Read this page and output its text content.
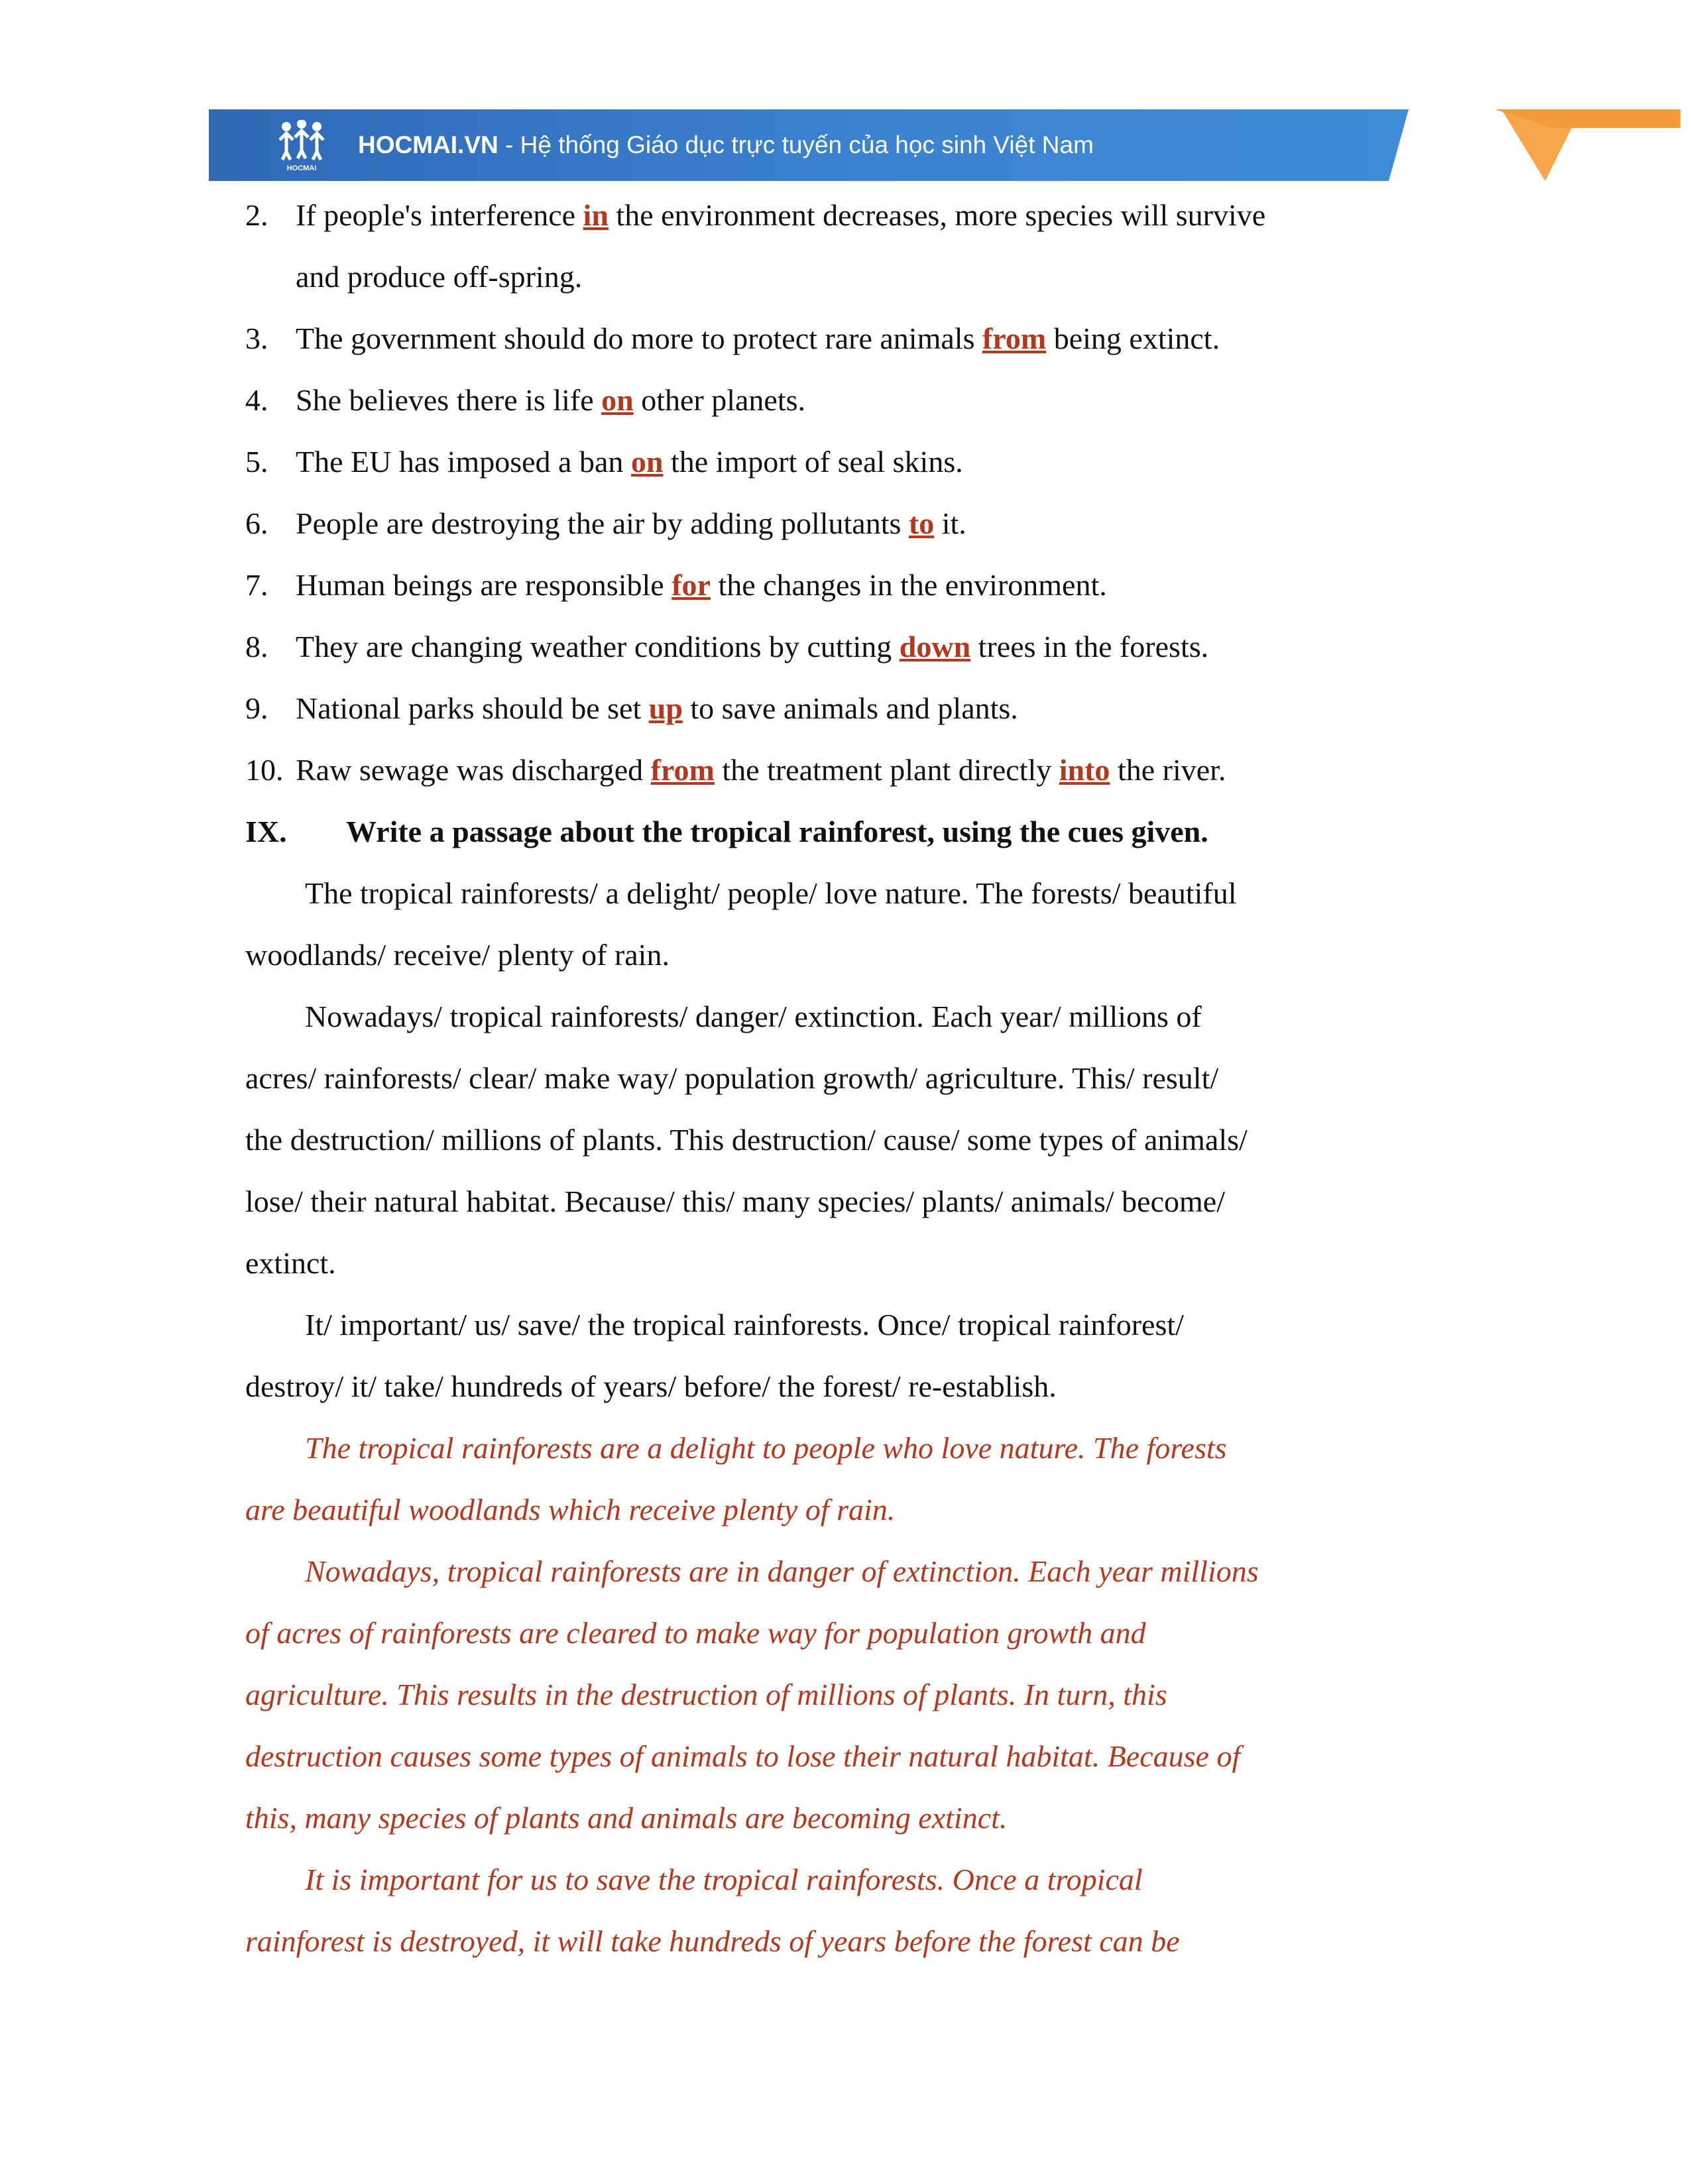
HOCMAI
HOCMAI.VN - Hệ thống Giáo dục trực tuyến của học sinh Việt Nam
2. If people's interference in the environment decreases, more species will survive
and produce off-spring.
3. The government should do more to protect rare animals from being extinct.
4. She believes there is life on other planets.
5. The EU has imposed a ban on the import of seal skins.
6. People are destroying the air by adding pollutants to it.
7. Human beings are responsible for the changes in the environment.
8. They are changing weather conditions by cutting down trees in the forests.
9. National parks should be set up to save animals and plants.
10. Raw sewage was discharged from the treatment plant directly into the river.
IX. Write a passage about the tropical rainforest, using the cues given.
The tropical rainforests/ a delight/ people/ love nature. The forests/ beautiful
woodlands/ receive/ plenty of rain.
Nowadays/ tropical rainforests/ danger/ extinction. Each year/ millions of
acres/ rainforests/ clear/ make way/ population growth/ agriculture. This/ result/
the destruction/ millions of plants. This destruction/ cause/ some types of animals/
lose/ their natural habitat. Because/ this/ many species/ plants/ animals/ become/
extinct.
It/ important/ us/ save/ the tropical rainforests. Once/ tropical rainforest/
destroy/ it/ take/ hundreds of years/ before/ the forest/ re-establish.
The tropical rainforests are a delight to people who love nature. The forests
are beautiful woodlands which receive plenty of rain.
Nowadays, tropical rainforests are in danger of extinction. Each year millions
of acres of rainforests are cleared to make way for population growth and
agriculture. This results in the destruction of millions of plants. In turn, this
destruction causes some types of animals to lose their natural habitat. Because of
this, many species of plants and animals are becoming extinct.
It is important for us to save the tropical rainforests. Once a tropical
rainforest is destroyed, it will take hundreds of years before the forest can be
